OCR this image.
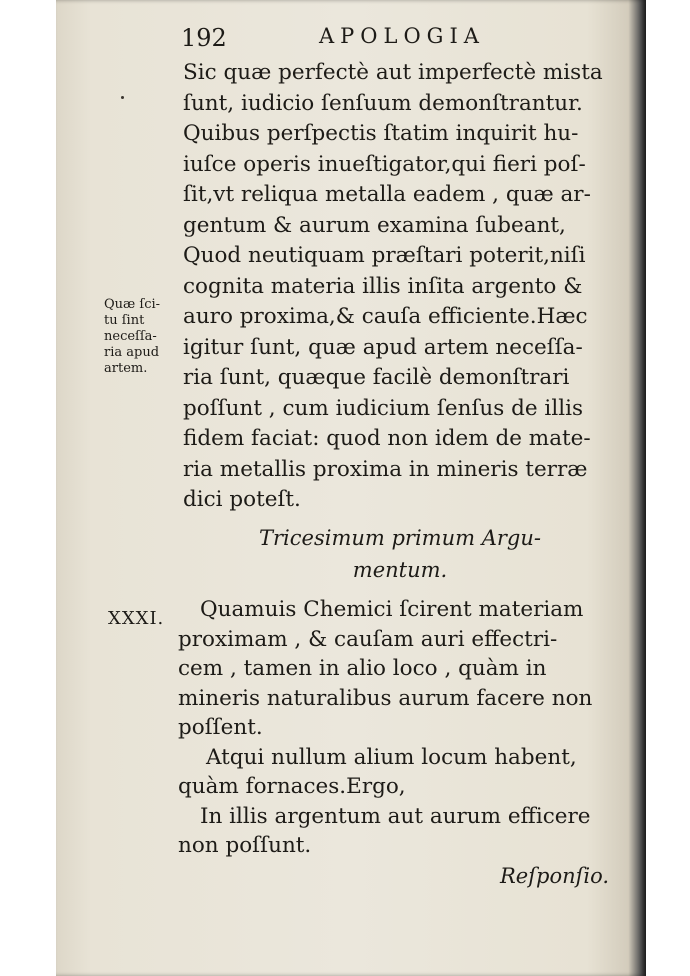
192	APOLOGIA
Sic quæ perfectè aut imperfectè mista
ſunt, iudicio ſenſuum demonſtrantur.
Quibus perſpectis ſtatim inquirit hu-
iuſce operis inueſtigator,qui fieri poſ-
ſit,vt reliqua metalla eadem , quæ ar-
gentum & aurum examina ſubeant,
Quod neutiquam præſtari poterit,niſi
cognita materia illis inſita argento &
auro proxima,& cauſa efficiente.Hæc
igitur ſunt, quæ apud artem neceſſa-
ria ſunt, quæque facilè demonſtrari
poſſunt , cum iudicium ſenſus de illis
fidem faciat: quod non idem de mate-
ria metallis proxima in mineris terræ
dici poteſt.
Quæ ſci-
tu ſint
neceſſa-
ria apud
artem.
Tricesimum primum Argu-
mentum.
XXXI.	Quamuis Chemici ſcirent materiam
proximam , & cauſam auri effectri-
cem , tamen in alio loco , quàm in
mineris naturalibus aurum facere non
poſſent.
Atqui nullum alium locum habent,
quàm fornaces.Ergo,
In illis argentum aut aurum efficere
non poſſunt.
Reſponſio.
